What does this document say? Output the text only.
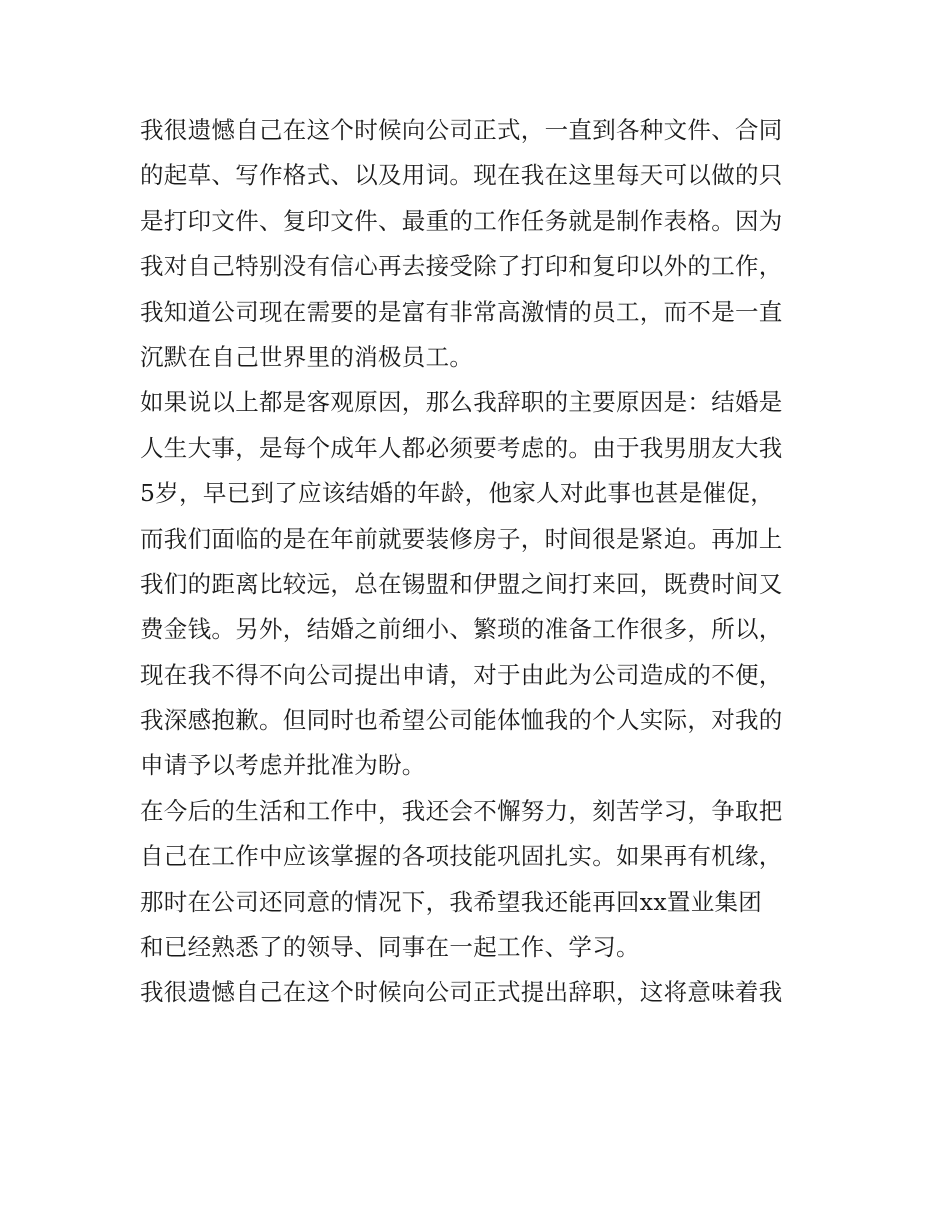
我很遗憾自己在这个时候向公司正式，一直到各种文件、合同
的起草、写作格式、以及用词。现在我在这里每天可以做的只
是打印文件、复印文件、最重的工作任务就是制作表格。因为
我对自己特别没有信心再去接受除了打印和复印以外的工作，
我知道公司现在需要的是富有非常高激情的员工，而不是一直
沉默在自己世界里的消极员工。
如果说以上都是客观原因，那么我辞职的主要原因是：结婚是
人生大事，是每个成年人都必须要考虑的。由于我男朋友大我
5岁，早已到了应该结婚的年龄，他家人对此事也甚是催促，
而我们面临的是在年前就要装修房子，时间很是紧迫。再加上
我们的距离比较远，总在锡盟和伊盟之间打来回，既费时间又
费金钱。另外，结婚之前细小、繁琐的准备工作很多，所以，
现在我不得不向公司提出申请，对于由此为公司造成的不便，
我深感抱歉。但同时也希望公司能体恤我的个人实际，对我的
申请予以考虑并批准为盼。
在今后的生活和工作中，我还会不懈努力，刻苦学习，争取把
自己在工作中应该掌握的各项技能巩固扎实。如果再有机缘，
那时在公司还同意的情况下，我希望我还能再回xx置业集团
和已经熟悉了的领导、同事在一起工作、学习。
我很遗憾自己在这个时候向公司正式提出辞职，这将意味着我
